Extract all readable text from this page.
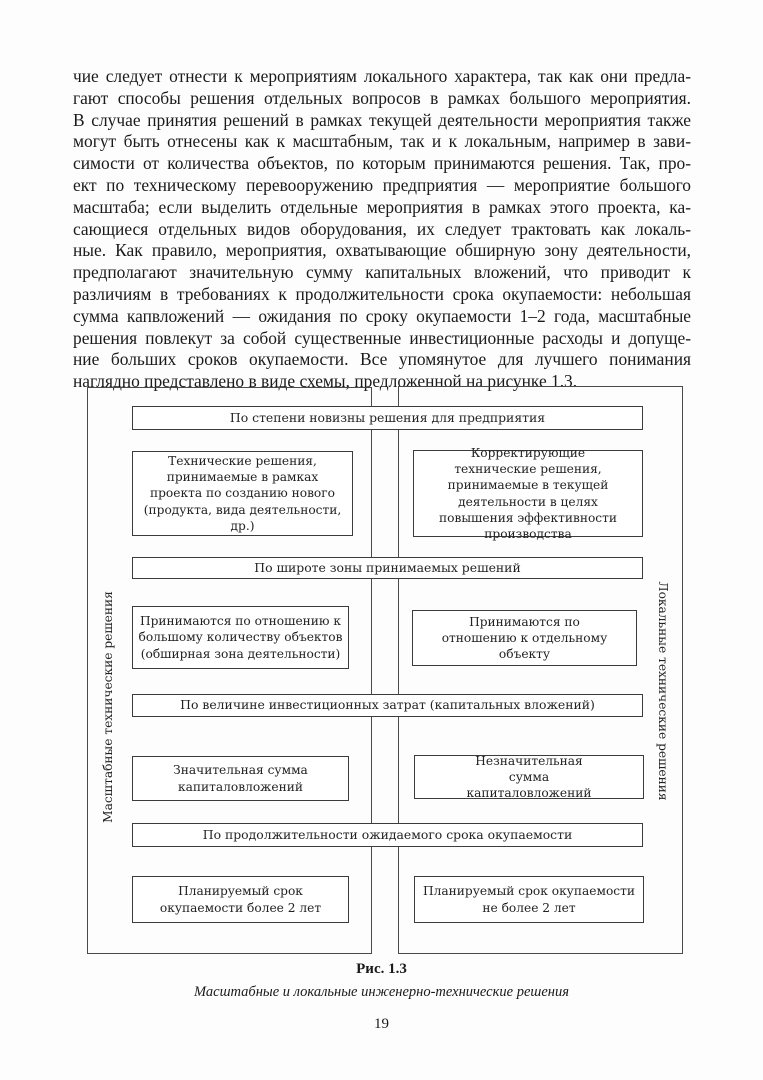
чие следует отнести к мероприятиям локального характера, так как они предла-
гают способы решения отдельных вопросов в рамках большого мероприятия.
В случае принятия решений в рамках текущей деятельности мероприятия также
могут быть отнесены как к масштабным, так и к локальным, например в зави-
симости от количества объектов, по которым принимаются решения. Так, про-
ект по техническому перевооружению предприятия — мероприятие большого
масштаба; если выделить отдельные мероприятия в рамках этого проекта, ка-
сающиеся отдельных видов оборудования, их следует трактовать как локаль-
ные. Как правило, мероприятия, охватывающие обширную зону деятельности,
предполагают значительную сумму капитальных вложений, что приводит к
различиям в требованиях к продолжительности срока окупаемости: небольшая
сумма капвложений — ожидания по сроку окупаемости 1–2 года, масштабные
решения повлекут за собой существенные инвестиционные расходы и допуще-
ние больших сроков окупаемости. Все упомянутое для лучшего понимания
наглядно представлено в виде схемы, предложенной на рисунке 1.3.
Масштабные технические решения	Локальные технические решения
По степени новизны решения для предприятия
Технические решения, принимаемые в рамках проекта по созданию нового (продукта, вида деятельности, др.)
Корректирующие технические решения, принимаемые в текущей деятельности в целях повышения эффективности производства
По широте зоны принимаемых решений
Принимаются по отношению к большому количеству объектов (обширная зона деятельности)
Принимаются по отношению к отдельному объекту
По величине инвестиционных затрат (капитальных вложений)
Значительная сумма капиталовложений
Незначительная сумма капиталовложений
По продолжительности ожидаемого срока окупаемости
Планируемый срок окупаемости более 2 лет
Планируемый срок окупаемости не более 2 лет
Рис. 1.3
Масштабные и локальные инженерно-технические решения
19
